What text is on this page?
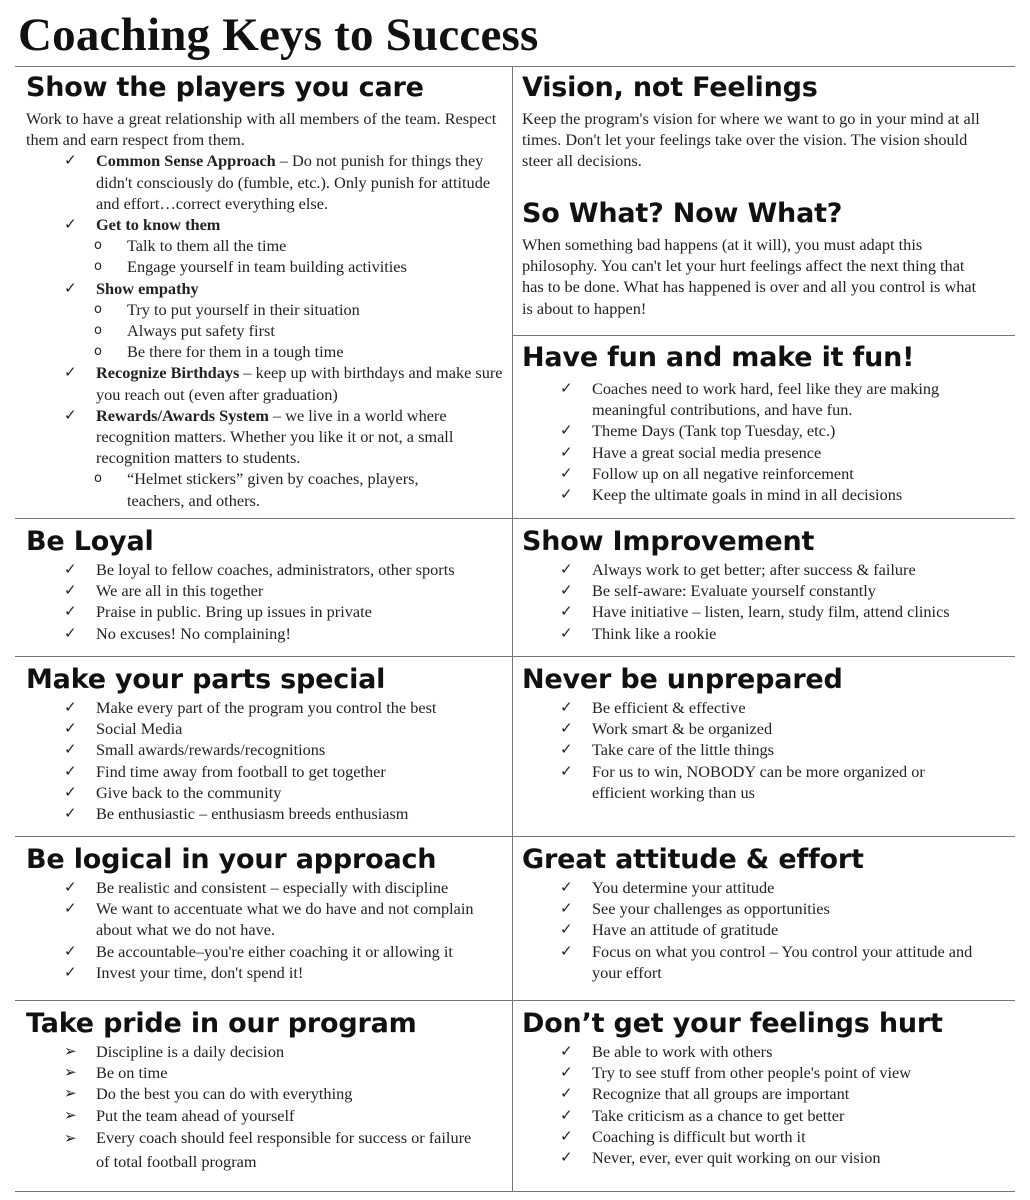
Coaching Keys to Success
Show the players you care
Work to have a great relationship with all members of the team. Respect them and earn respect from them.
✓ Common Sense Approach – Do not punish for things they didn't consciously do (fumble, etc.). Only punish for attitude and effort…correct everything else.
✓ Get to know them
o Talk to them all the time
o Engage yourself in team building activities
✓ Show empathy
o Try to put yourself in their situation
o Always put safety first
o Be there for them in a tough time
✓ Recognize Birthdays – keep up with birthdays and make sure you reach out (even after graduation)
✓ Rewards/Awards System – we live in a world where recognition matters. Whether you like it or not, a small recognition matters to students.
o “Helmet stickers” given by coaches, players, teachers, and others.
Vision, not Feelings
Keep the program's vision for where we want to go in your mind at all times. Don't let your feelings take over the vision. The vision should steer all decisions.
So What? Now What?
When something bad happens (at it will), you must adapt this philosophy. You can't let your hurt feelings affect the next thing that has to be done. What has happened is over and all you control is what is about to happen!
Have fun and make it fun!
✓ Coaches need to work hard, feel like they are making meaningful contributions, and have fun.
✓ Theme Days (Tank top Tuesday, etc.)
✓ Have a great social media presence
✓ Follow up on all negative reinforcement
✓ Keep the ultimate goals in mind in all decisions
Be Loyal
✓ Be loyal to fellow coaches, administrators, other sports
✓ We are all in this together
✓ Praise in public. Bring up issues in private
✓ No excuses! No complaining!
Show Improvement
✓ Always work to get better; after success & failure
✓ Be self-aware: Evaluate yourself constantly
✓ Have initiative – listen, learn, study film, attend clinics
✓ Think like a rookie
Make your parts special
✓ Make every part of the program you control the best
✓ Social Media
✓ Small awards/rewards/recognitions
✓ Find time away from football to get together
✓ Give back to the community
✓ Be enthusiastic – enthusiasm breeds enthusiasm
Never be unprepared
✓ Be efficient & effective
✓ Work smart & be organized
✓ Take care of the little things
✓ For us to win, NOBODY can be more organized or efficient working than us
Be logical in your approach
✓ Be realistic and consistent – especially with discipline
✓ We want to accentuate what we do have and not complain about what we do not have.
✓ Be accountable–you're either coaching it or allowing it
✓ Invest your time, don't spend it!
Great attitude & effort
✓ You determine your attitude
✓ See your challenges as opportunities
✓ Have an attitude of gratitude
✓ Focus on what you control – You control your attitude and your effort
Take pride in our program
➢ Discipline is a daily decision
➢ Be on time
➢ Do the best you can do with everything
➢ Put the team ahead of yourself
➢ Every coach should feel responsible for success or failure of total football program
Don’t get your feelings hurt
✓ Be able to work with others
✓ Try to see stuff from other people's point of view
✓ Recognize that all groups are important
✓ Take criticism as a chance to get better
✓ Coaching is difficult but worth it
✓ Never, ever, ever quit working on our vision
